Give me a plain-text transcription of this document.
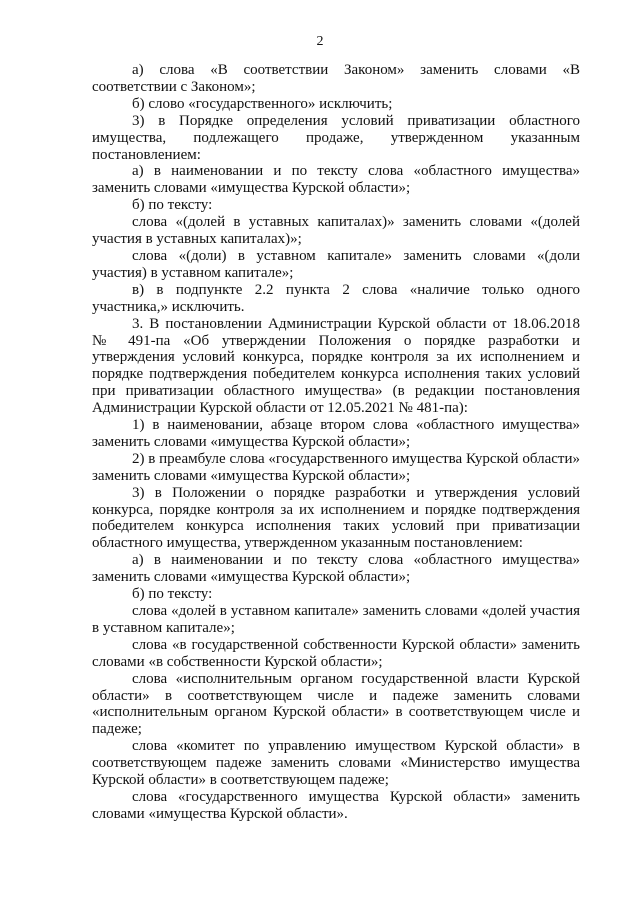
2

а) слова «В соответствии Законом» заменить словами «В соответствии с Законом»;

б) слово «государственного» исключить;

3) в Порядке определения условий приватизации областного имущества, подлежащего продаже, утвержденном указанным постановлением:

а) в наименовании и по тексту слова «областного имущества» заменить словами «имущества Курской области»;

б) по тексту:

слова «(долей в уставных капиталах)» заменить словами «(долей участия в уставных капиталах)»;

слова «(доли) в уставном капитале» заменить словами «(доли участия) в уставном капитале»;

в) в подпункте 2.2 пункта 2 слова «наличие только одного участника,» исключить.

3. В постановлении Администрации Курской области от 18.06.2018 № 491-па «Об утверждении Положения о порядке разработки и утверждения условий конкурса, порядке контроля за их исполнением и порядке подтверждения победителем конкурса исполнения таких условий при приватизации областного имущества» (в редакции постановления Администрации Курской области от 12.05.2021 № 481-па):

1) в наименовании, абзаце втором слова «областного имущества» заменить словами «имущества Курской области»;

2) в преамбуле слова «государственного имущества Курской области» заменить словами «имущества Курской области»;

3) в Положении о порядке разработки и утверждения условий конкурса, порядке контроля за их исполнением и порядке подтверждения победителем конкурса исполнения таких условий при приватизации областного имущества, утвержденном указанным постановлением:

а) в наименовании и по тексту слова «областного имущества» заменить словами «имущества Курской области»;

б) по тексту:

слова «долей в уставном капитале» заменить словами «долей участия в уставном капитале»;

слова «в государственной собственности Курской области» заменить словами «в собственности Курской области»;

слова «исполнительным органом государственной власти Курской области» в соответствующем числе и падеже заменить словами «исполнительным органом Курской области» в соответствующем числе и падеже;

слова «комитет по управлению имуществом Курской области» в соответствующем падеже заменить словами «Министерство имущества Курской области» в соответствующем падеже;

слова «государственного имущества Курской области» заменить словами «имущества Курской области».
